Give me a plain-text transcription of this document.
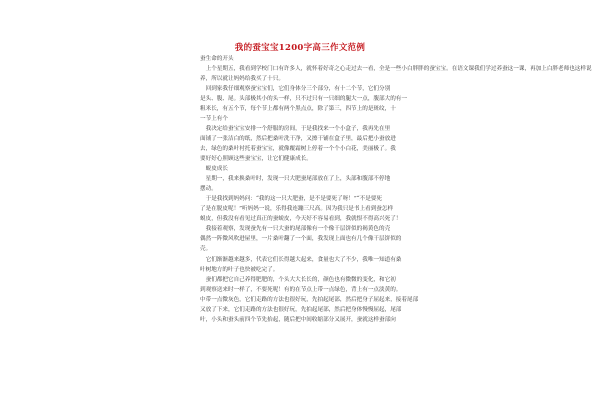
我的蚕宝宝1200字高三作文范例
蚕生命的开头
　上个星期五，我看到学校门口有许多人，就怀着好奇之心走过去一看，全是一些小白胖胖的蚕宝宝。在语文课我们学过养蚕这一课，再加上白胖老师也这样说
养，所以就让妈妈给我买了十只。
　回到家我仔细观察蚕宝宝们，它们身体分三个部分，有十二个节，它们分别
是头、腹、尾。头部极其小的头一样，只不过只有一只细的腿大一点，腹部大的有一
粗米长，有五个节，每个节上都有两个黑点点，除了第三，四节上的是斑纹，十
一节上有个
　我决定给蚕宝宝安排一个舒服的房间，于是我找来一个小盒子，我再先在里
面铺了一张洁白的纸，然后把桑叶洗干净，又擦干铺在盒子里，最后把小蚕放进
去，绿色的桑叶衬托着蚕宝宝，就像覆霜树上停着一个个小白花，美丽极了。我
要好好心照顾这些蚕宝宝，让它们健康成长。
　蜕皮成长
　星期一，我来换桑叶时，发现一只大肥蚕尾部放在了上，头部和腹部不停地
摆动。
　于是我找到妈妈问：“我的这一只大肥蚕，是不是要死了呀！”“不是要死
了是在脱皮呢！”听妈妈一说，乐得我连蹦三尺高。因为我只是书上看到蚕怎样
蜕皮，但我没有看见过真正的蚕蜕皮，今天好不容易看到，我就恨不得高兴死了！
　我接着观察，发现蚕先有一只大蚕的尾部像有一个像干层饼似的褐黄色的壳
偶然一阵微风吹进屋里，一片桑叶翻了一个面，我发现上面也有几个像干层饼似的
壳。
　它们渐渐越来越多，代表它们长得越大起来，食量也大了不少，我唯一知道有桑
叶树地方的叶子也快被吃完了。
　蚕们都把它自己养得肥肥的，个头大大长长的，颜色也有微微的变化，和它初
到观察送来时一样了，不要死呢！有的在节点上带一点绿色，背上有一点淡黄的。
中带一点微灰色，它们走路的方法也很好玩，先拍起尾部，然后把身子屈起来，接着尾部
又放了下来，它们走路的方法也很好玩，先拍起尾部，然后把身体慢慢屈起，尾部
叶，小头和蚕头前四个节先抬起，随后把中间收缩部分又展开，蚕就这样蚕部向
